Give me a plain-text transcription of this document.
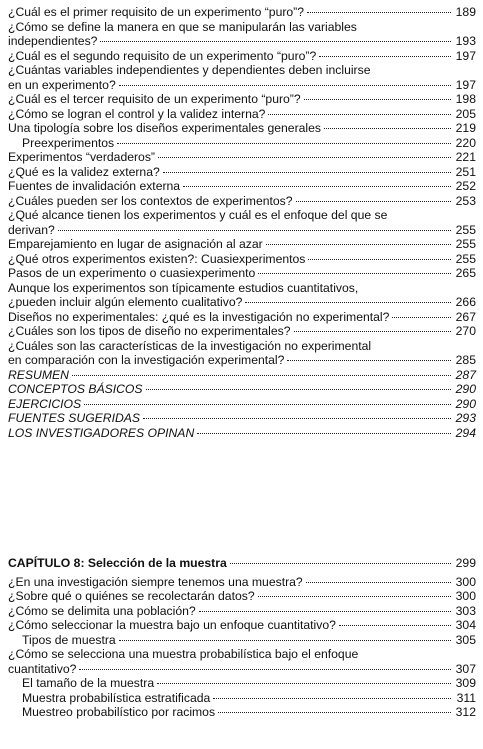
¿Cuál es el primer requisito de un experimento “puro”?	189
¿Cómo se define la manera en que se manipularán las variables
independientes?	193
¿Cuál es el segundo requisito de un experimento “puro”?	197
¿Cuántas variables independientes y dependientes deben incluirse
en un experimento?	197
¿Cuál es el tercer requisito de un experimento “puro”?	198
¿Cómo se logran el control y la validez interna?	205
Una tipología sobre los diseños experimentales generales	219
Preexperimentos	220
Experimentos “verdaderos”	221
¿Qué es la validez externa?	251
Fuentes de invalidación externa	252
¿Cuáles pueden ser los contextos de experimentos?	253
¿Qué alcance tienen los experimentos y cuál es el enfoque del que se
derivan?	255
Emparejamiento en lugar de asignación al azar	255
¿Qué otros experimentos existen?: Cuasiexperimentos	255
Pasos de un experimento o cuasiexperimento	265
Aunque los experimentos son típicamente estudios cuantitativos,
¿pueden incluir algún elemento cualitativo?	266
Diseños no experimentales: ¿qué es la investigación no experimental?	267
¿Cuáles son los tipos de diseño no experimentales?	270
¿Cuáles son las características de la investigación no experimental
en comparación con la investigación experimental?	285
RESUMEN	287
CONCEPTOS BÁSICOS	290
EJERCICIOS	290
FUENTES SUGERIDAS	293
LOS INVESTIGADORES OPINAN	294
CAPÍTULO 8: Selección de la muestra	299
¿En una investigación siempre tenemos una muestra?	300
¿Sobre qué o quiénes se recolectarán datos?	300
¿Cómo se delimita una población?	303
¿Cómo seleccionar la muestra bajo un enfoque cuantitativo?	304
Tipos de muestra	305
¿Cómo se selecciona una muestra probabilística bajo el enfoque
cuantitativo?	307
El tamaño de la muestra	309
Muestra probabilística estratificada	311
Muestreo probabilístico por racimos	312
